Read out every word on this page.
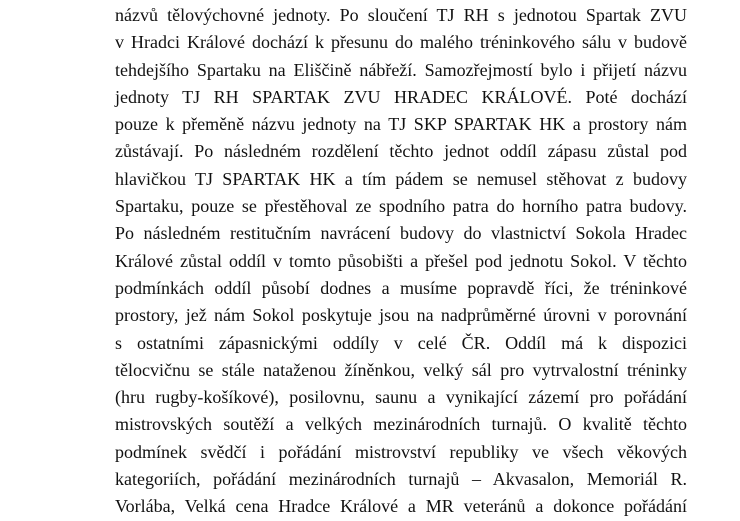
názvů tělovýchovné jednoty. Po sloučení TJ RH s jednotou Spartak ZVU
v Hradci Králové dochází k přesunu do malého tréninkového sálu v budově
tehdejšího Spartaku na Eliščině nábřeží. Samozřejmostí bylo i přijetí názvu
jednoty TJ RH SPARTAK ZVU HRADEC KRÁLOVÉ. Poté dochází
pouze k přeměně názvu jednoty na TJ SKP SPARTAK HK a prostory nám
zůstávají. Po následném rozdělení těchto jednot oddíl zápasu zůstal pod
hlavičkou TJ SPARTAK HK a tím pádem se nemusel stěhovat z budovy
Spartaku, pouze se přestěhoval ze spodního patra do horního patra budovy.
Po následném restitučním navrácení budovy do vlastnictví Sokola Hradec
Králové zůstal oddíl v tomto působišti a přešel pod jednotu Sokol. V těchto
podmínkách oddíl působí dodnes a musíme popravdě říci, že tréninkové
prostory, jež nám Sokol poskytuje jsou na nadprůměrné úrovni v porovnání
s ostatními zápasnickými oddíly v celé ČR. Oddíl má k dispozici
tělocvičnu se stále nataženou žíněnkou, velký sál pro vytrvalostní tréninky
(hru rugby-košíkové), posilovnu, saunu a vynikající zázemí pro pořádání
mistrovských soutěží a velkých mezinárodních turnajů. O kvalitě těchto
podmínek svědčí i pořádání mistrovství republiky ve všech věkových
kategoriích, pořádání mezinárodních turnajů – Akvasalon, Memoriál R.
Vorlába, Velká cena Hradce Králové a MR veteránů a dokonce pořádání
